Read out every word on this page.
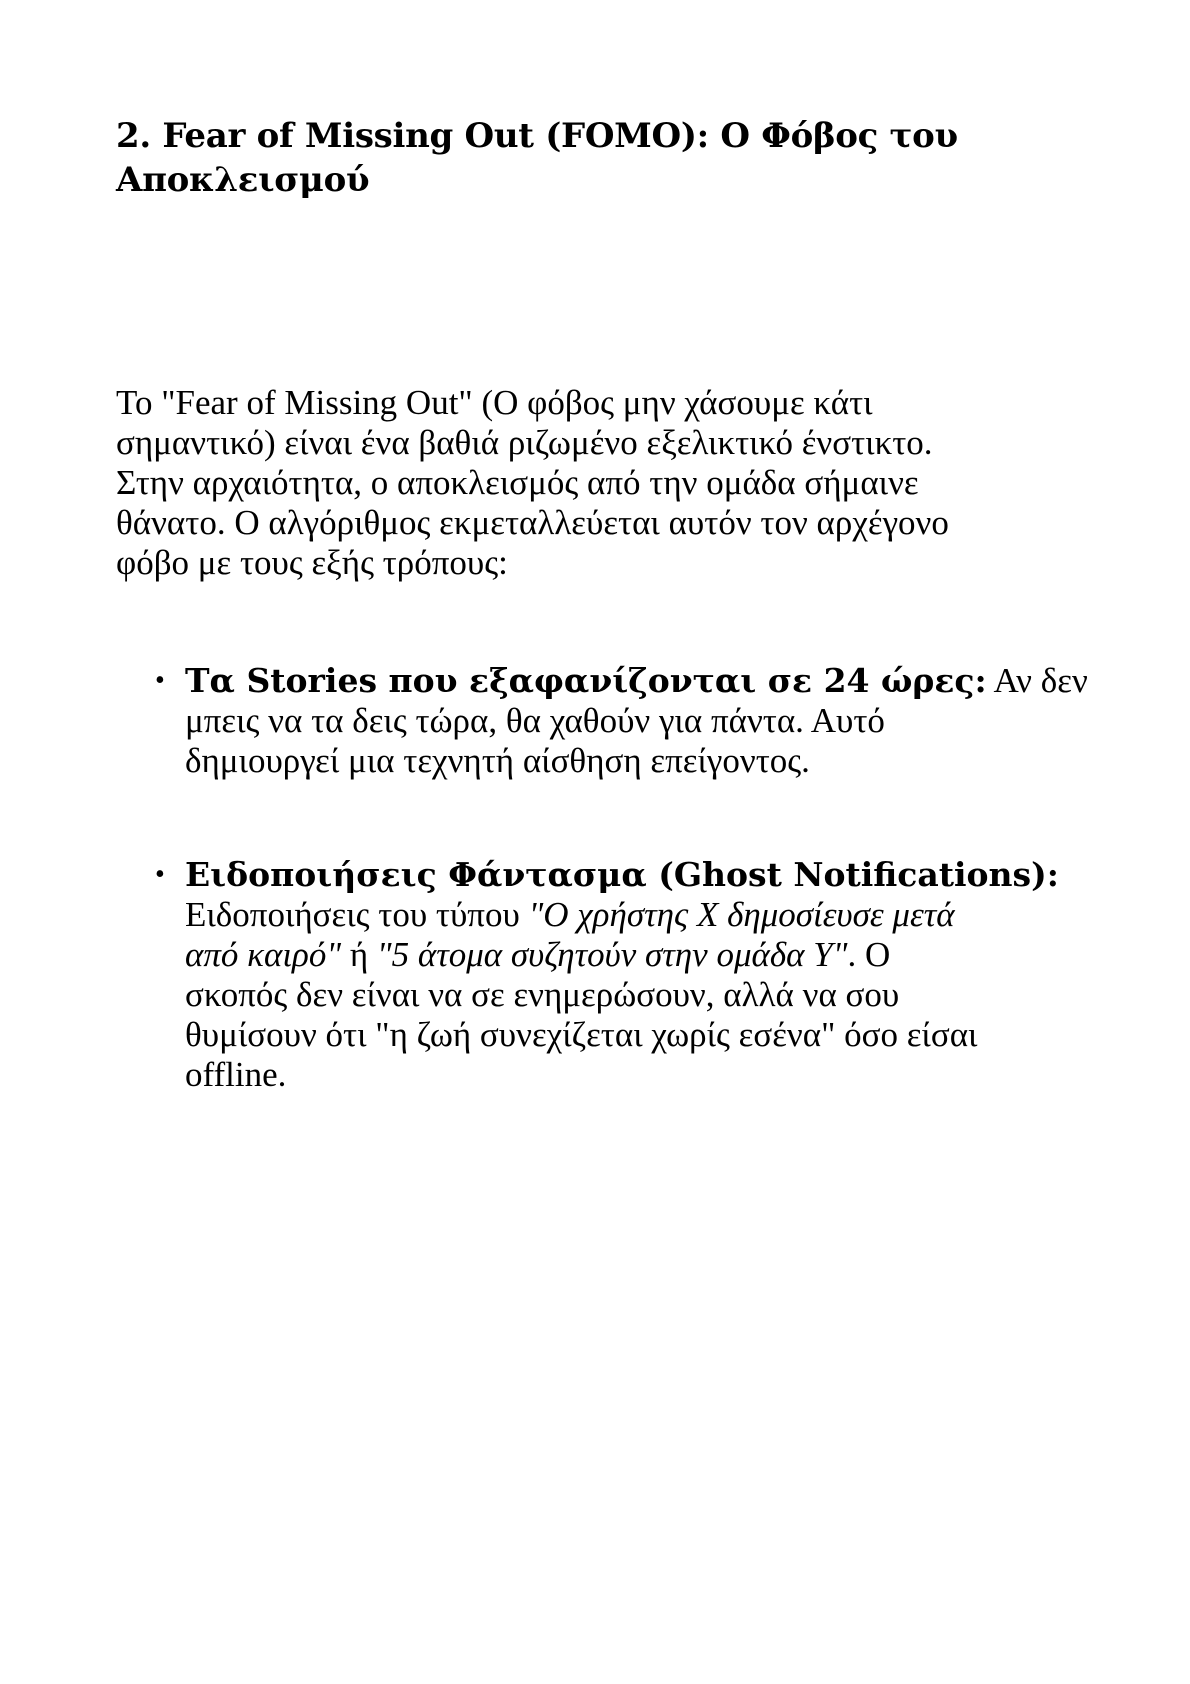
2. Fear of Missing Out (FOMO): Ο Φόβος του
Αποκλεισμού

Το "Fear of Missing Out" (Ο φόβος μην χάσουμε κάτι
σημαντικό) είναι ένα βαθιά ριζωμένο εξελικτικό ένστικτο.
Στην αρχαιότητα, ο αποκλεισμός από την ομάδα σήμαινε
θάνατο. Ο αλγόριθμος εκμεταλλεύεται αυτόν τον αρχέγονο
φόβο με τους εξής τρόπους:

• Τα Stories που εξαφανίζονται σε 24 ώρες: Αν δεν
μπεις να τα δεις τώρα, θα χαθούν για πάντα. Αυτό
δημιουργεί μια τεχνητή αίσθηση επείγοντος.
• Ειδοποιήσεις Φάντασμα (Ghost Notifications):
Ειδοποιήσεις του τύπου "Ο χρήστης Χ δημοσίευσε μετά
από καιρό" ή "5 άτομα συζητούν στην ομάδα Υ". Ο
σκοπός δεν είναι να σε ενημερώσουν, αλλά να σου
θυμίσουν ότι "η ζωή συνεχίζεται χωρίς εσένα" όσο είσαι
offline.
